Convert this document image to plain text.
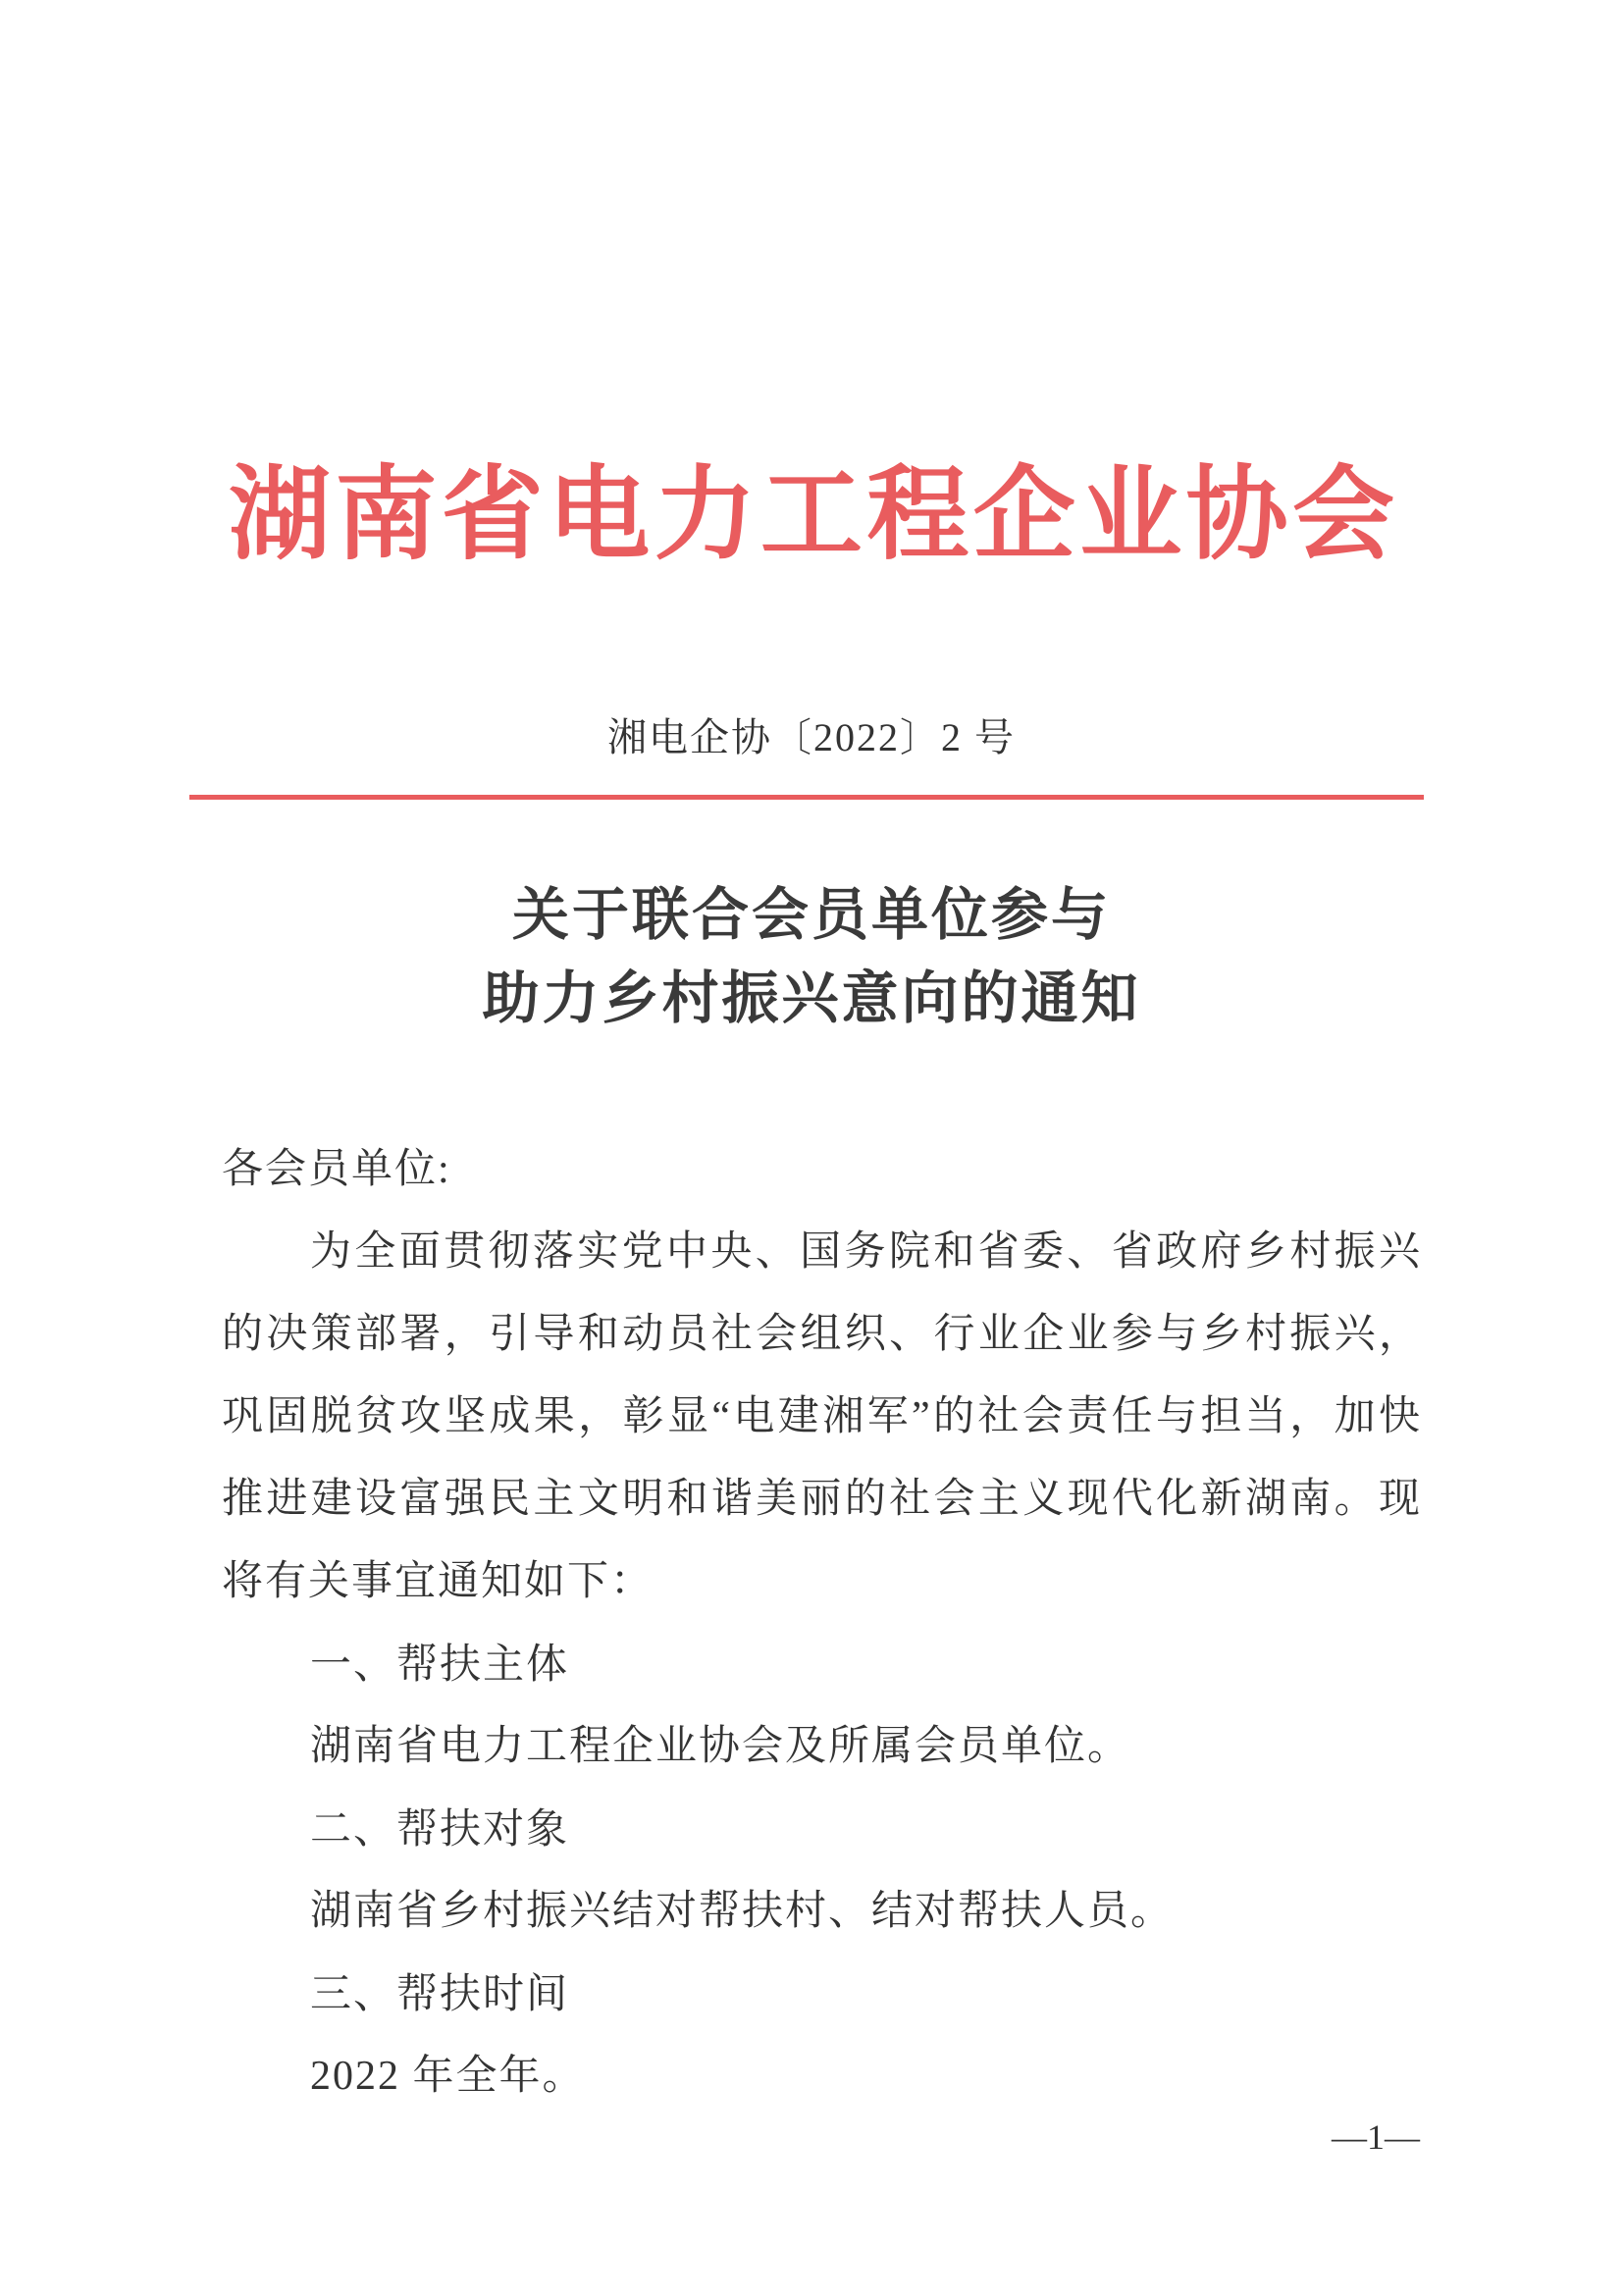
湖南省电力工程企业协会
湘电企协〔2022〕2 号
关于联合会员单位参与
助力乡村振兴意向的通知
各会员单位:
为全面贯彻落实党中央、国务院和省委、省政府乡村振兴
的决策部署，引导和动员社会组织、行业企业参与乡村振兴，
巩固脱贫攻坚成果，彰显“电建湘军”的社会责任与担当，加快
推进建设富强民主文明和谐美丽的社会主义现代化新湖南。现
将有关事宜通知如下：
一、帮扶主体
湖南省电力工程企业协会及所属会员单位。
二、帮扶对象
湖南省乡村振兴结对帮扶村、结对帮扶人员。
三、帮扶时间
2022 年全年。
—1—
